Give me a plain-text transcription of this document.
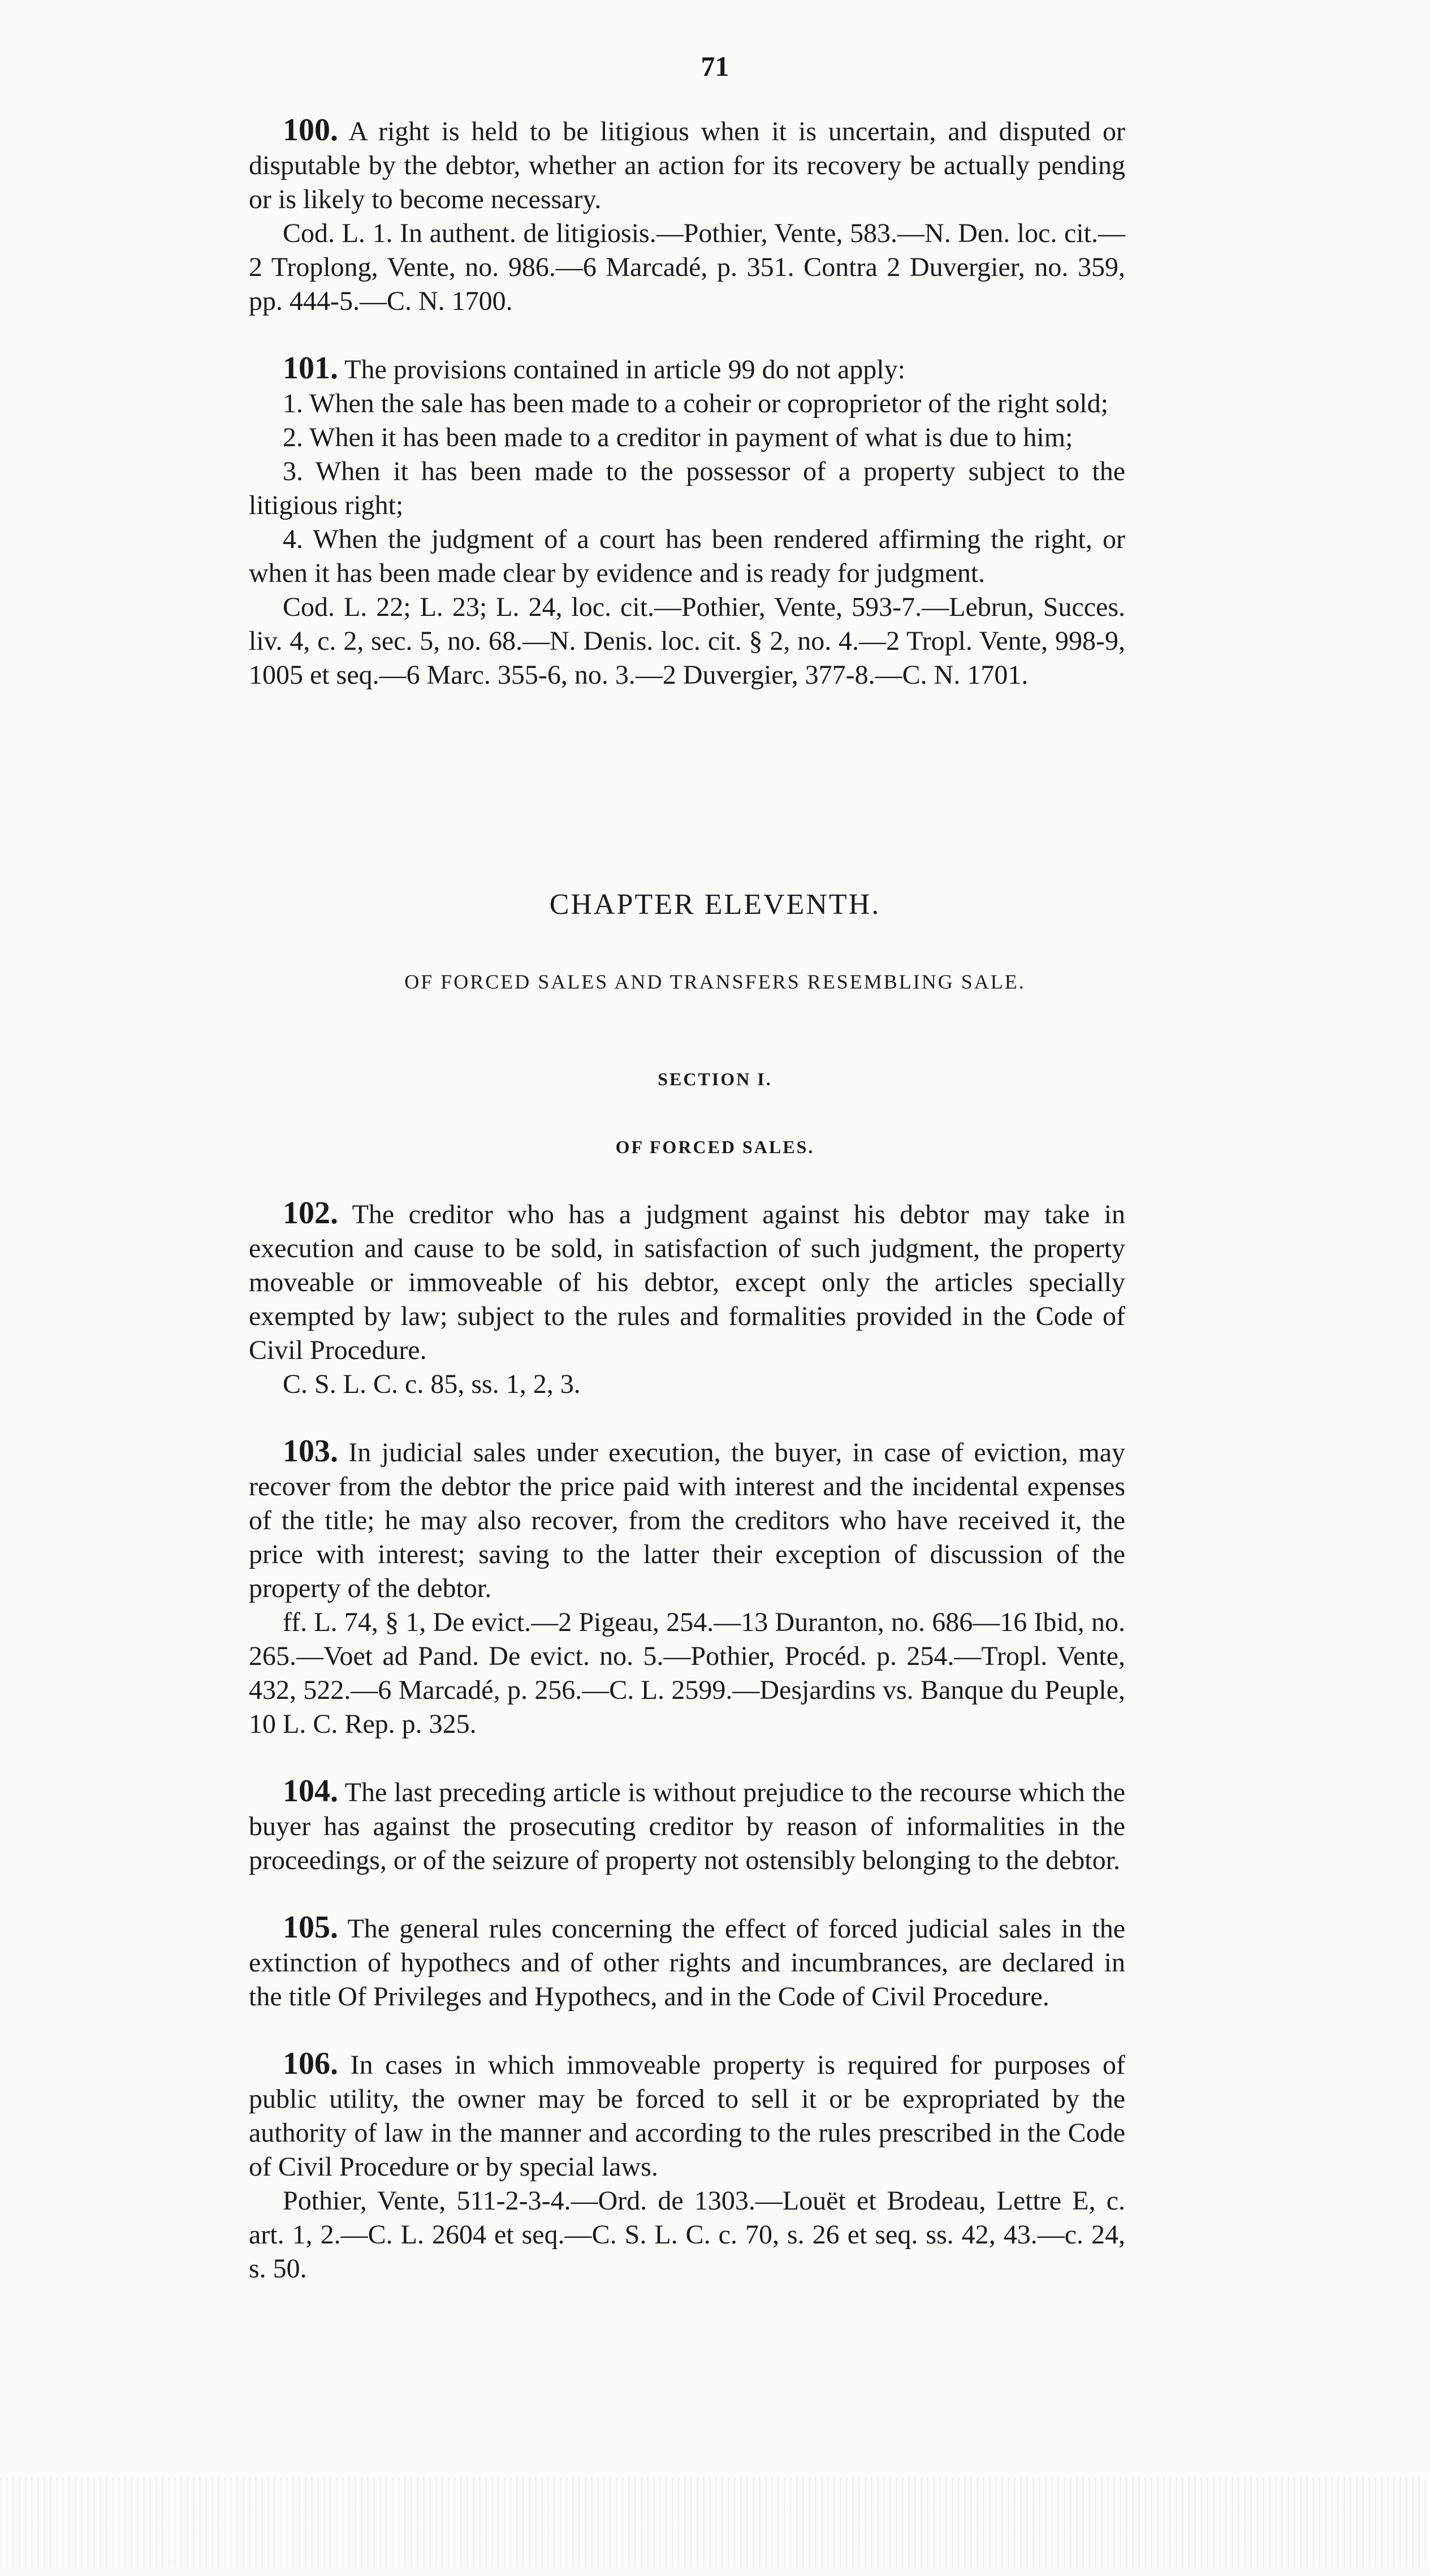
71

100. A right is held to be litigious when it is uncertain, and disputed or disputable by the debtor, whether an action for its recovery be actually pending or is likely to become necessary.

Cod. L. 1. In authent. de litigiosis.—Pothier, Vente, 583.—N. Den. loc. cit.—2 Troplong, Vente, no. 986.—6 Marcadé, p. 351. Contra 2 Duvergier, no. 359, pp. 444-5.—C. N. 1700.

101. The provisions contained in article 99 do not apply:

1. When the sale has been made to a coheir or coproprietor of the right sold;

2. When it has been made to a creditor in payment of what is due to him;

3. When it has been made to the possessor of a property subject to the litigious right;

4. When the judgment of a court has been rendered affirming the right, or when it has been made clear by evidence and is ready for judgment.

Cod. L. 22; L. 23; L. 24, loc. cit.—Pothier, Vente, 593-7.—Lebrun, Succes. liv. 4, c. 2, sec. 5, no. 68.—N. Denis. loc. cit. § 2, no. 4.—2 Tropl. Vente, 998-9, 1005 et seq.—6 Marc. 355-6, no. 3.—2 Duvergier, 377-8.—C. N. 1701.

CHAPTER ELEVENTH.
OF FORCED SALES AND TRANSFERS RESEMBLING SALE.
SECTION I.
OF FORCED SALES.

102. The creditor who has a judgment against his debtor may take in execution and cause to be sold, in satisfaction of such judgment, the property moveable or immoveable of his debtor, except only the articles specially exempted by law; subject to the rules and formalities provided in the Code of Civil Procedure.

C. S. L. C. c. 85, ss. 1, 2, 3.

103. In judicial sales under execution, the buyer, in case of eviction, may recover from the debtor the price paid with interest and the incidental expenses of the title; he may also recover, from the creditors who have received it, the price with interest; saving to the latter their exception of discussion of the property of the debtor.

ff. L. 74, § 1, De evict.—2 Pigeau, 254.—13 Duranton, no. 686—16 Ibid, no. 265.—Voet ad Pand. De evict. no. 5.—Pothier, Procéd. p. 254.—Tropl. Vente, 432, 522.—6 Marcadé, p. 256.—C. L. 2599.—Desjardins vs. Banque du Peuple, 10 L. C. Rep. p. 325.

104. The last preceding article is without prejudice to the recourse which the buyer has against the prosecuting creditor by reason of informalities in the proceedings, or of the seizure of property not ostensibly belonging to the debtor.

105. The general rules concerning the effect of forced judicial sales in the extinction of hypothecs and of other rights and incumbrances, are declared in the title Of Privileges and Hypothecs, and in the Code of Civil Procedure.

106. In cases in which immoveable property is required for purposes of public utility, the owner may be forced to sell it or be expropriated by the authority of law in the manner and according to the rules prescribed in the Code of Civil Procedure or by special laws.

Pothier, Vente, 511-2-3-4.—Ord. de 1303.—Louët et Brodeau, Lettre E, c. art. 1, 2.—C. L. 2604 et seq.—C. S. L. C. c. 70, s. 26 et seq. ss. 42, 43.—c. 24, s. 50.
